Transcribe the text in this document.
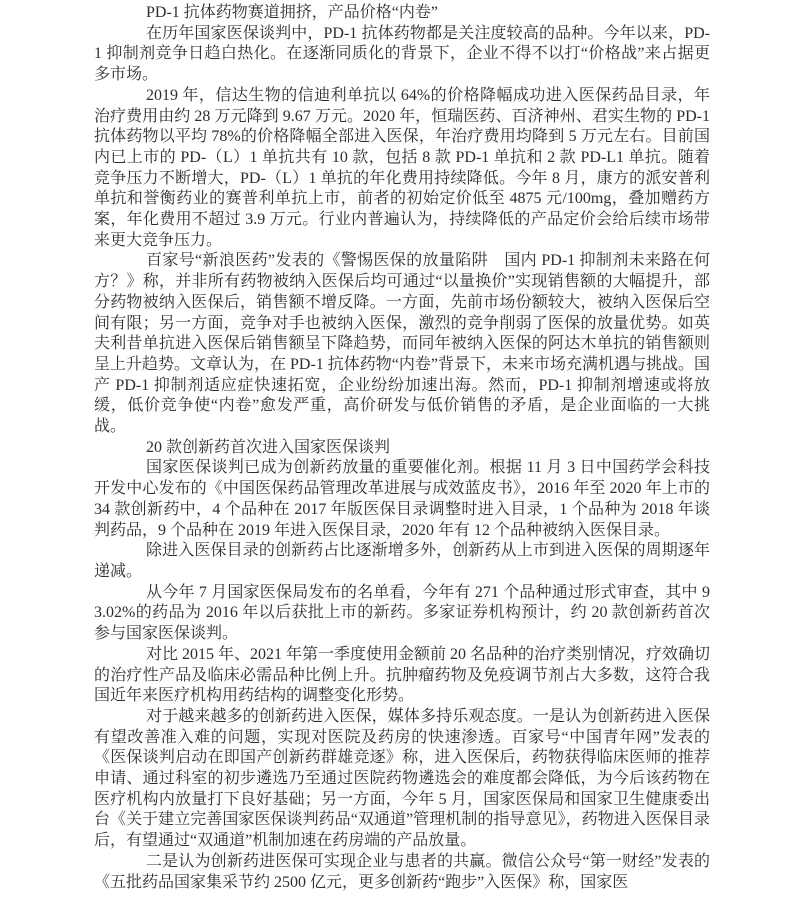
PD-1 抗体药物赛道拥挤，产品价格“内卷”

在历年国家医保谈判中，PD-1 抗体药物都是关注度较高的品种。今年以来，PD-1 抑制剂竞争日趋白热化。在逐渐同质化的背景下，企业不得不以打“价格战”来占据更多市场。

2019 年，信达生物的信迪利单抗以 64%的价格降幅成功进入医保药品目录，年治疗费用由约 28 万元降到 9.67 万元。2020 年，恒瑞医药、百济神州、君实生物的 PD-1 抗体药物以平均 78%的价格降幅全部进入医保，年治疗费用均降到 5 万元左右。目前国内已上市的 PD-（L）1 单抗共有 10 款，包括 8 款 PD-1 单抗和 2 款 PD-L1 单抗。随着竞争压力不断增大，PD-（L）1 单抗的年化费用持续降低。今年 8 月，康方的派安普利单抗和誉衡药业的赛普利单抗上市，前者的初始定价低至 4875 元/100mg，叠加赠药方案，年化费用不超过 3.9 万元。行业内普遍认为，持续降低的产品定价会给后续市场带来更大竞争压力。

百家号“新浪医药”发表的《警惕医保的放量陷阱　国内 PD-1 抑制剂未来路在何方？》称，并非所有药物被纳入医保后均可通过“以量换价”实现销售额的大幅提升，部分药物被纳入医保后，销售额不增反降。一方面，先前市场份额较大，被纳入医保后空间有限；另一方面，竞争对手也被纳入医保，激烈的竞争削弱了医保的放量优势。如英夫利昔单抗进入医保后销售额呈下降趋势，而同年被纳入医保的阿达木单抗的销售额则呈上升趋势。文章认为，在 PD-1 抗体药物“内卷”背景下，未来市场充满机遇与挑战。国产 PD-1 抑制剂适应症快速拓宽，企业纷纷加速出海。然而，PD-1 抑制剂增速或将放缓，低价竞争使“内卷”愈发严重，高价研发与低价销售的矛盾，是企业面临的一大挑战。

20 款创新药首次进入国家医保谈判

国家医保谈判已成为创新药放量的重要催化剂。根据 11 月 3 日中国药学会科技开发中心发布的《中国医保药品管理改革进展与成效蓝皮书》，2016 年至 2020 年上市的 34 款创新药中，4 个品种在 2017 年版医保目录调整时进入目录，1 个品种为 2018 年谈判药品，9 个品种在 2019 年进入医保目录，2020 年有 12 个品种被纳入医保目录。

除进入医保目录的创新药占比逐渐增多外，创新药从上市到进入医保的周期逐年递减。

从今年 7 月国家医保局发布的名单看，今年有 271 个品种通过形式审查，其中 93.02%的药品为 2016 年以后获批上市的新药。多家证券机构预计，约 20 款创新药首次参与国家医保谈判。

对比 2015 年、2021 年第一季度使用金额前 20 名品种的治疗类别情况，疗效确切的治疗性产品及临床必需品种比例上升。抗肿瘤药物及免疫调节剂占大多数，这符合我国近年来医疗机构用药结构的调整变化形势。

对于越来越多的创新药进入医保，媒体多持乐观态度。一是认为创新药进入医保有望改善准入难的问题，实现对医院及药房的快速渗透。百家号“中国青年网”发表的《医保谈判启动在即国产创新药群雄竞逐》称，进入医保后，药物获得临床医师的推荐申请、通过科室的初步遴选乃至通过医院药物遴选会的难度都会降低，为今后该药物在医疗机构内放量打下良好基础；另一方面，今年 5 月，国家医保局和国家卫生健康委出台《关于建立完善国家医保谈判药品“双通道”管理机制的指导意见》，药物进入医保目录后，有望通过“双通道”机制加速在药房端的产品放量。

二是认为创新药进医保可实现企业与患者的共赢。微信公众号“第一财经”发表的《五批药品国家集采节约 2500 亿元，更多创新药“跑步”入医保》称，国家医
